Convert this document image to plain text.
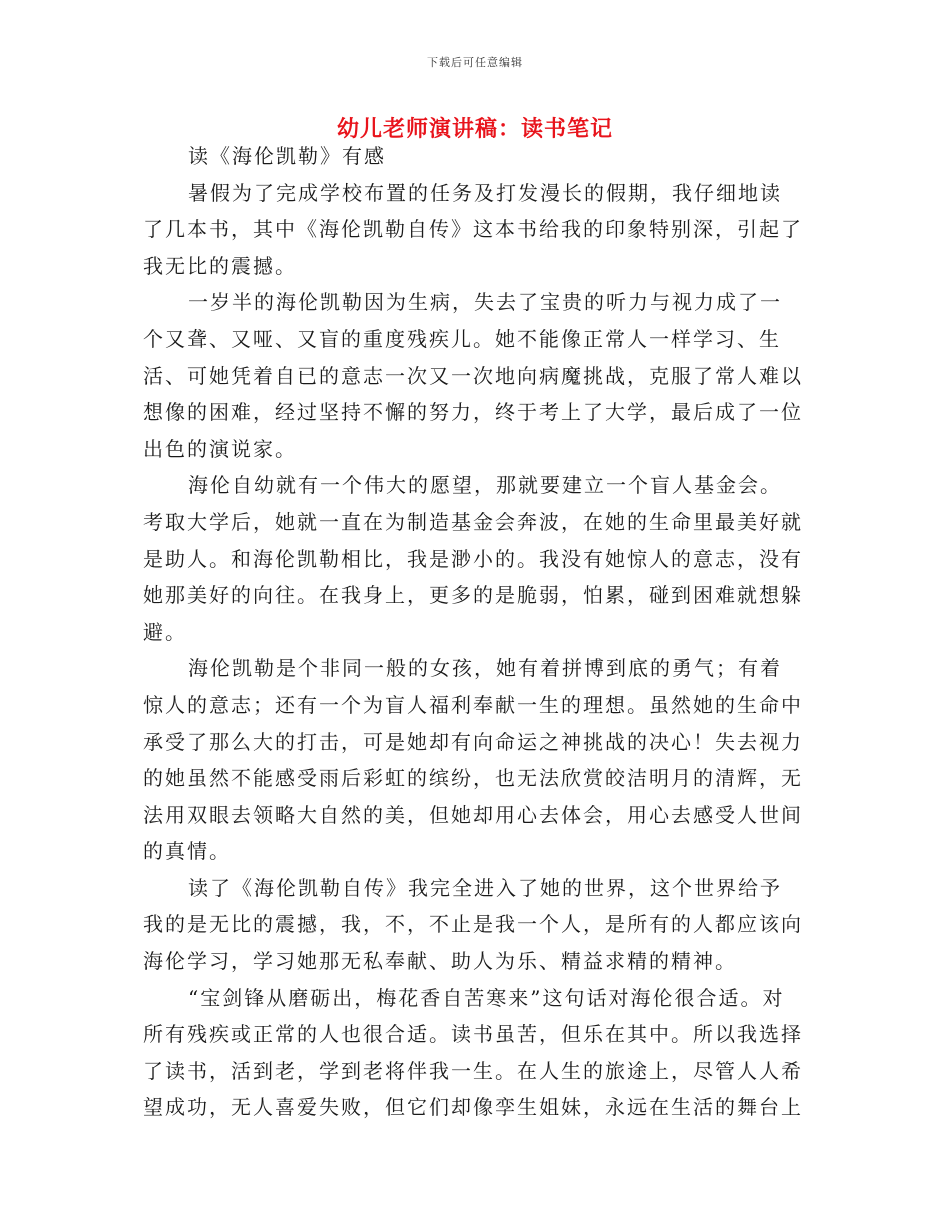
下载后可任意编辑
幼儿老师演讲稿：读书笔记

读《海伦凯勒》有感

暑假为了完成学校布置的任务及打发漫长的假期，我仔细地读了几本书，其中《海伦凯勒自传》这本书给我的印象特别深，引起了我无比的震撼。

一岁半的海伦凯勒因为生病，失去了宝贵的听力与视力成了一个又聋、又哑、又盲的重度残疾儿。她不能像正常人一样学习、生活、可她凭着自已的意志一次又一次地向病魔挑战，克服了常人难以想像的困难，经过坚持不懈的努力，终于考上了大学，最后成了一位出色的演说家。

海伦自幼就有一个伟大的愿望，那就要建立一个盲人基金会。考取大学后，她就一直在为制造基金会奔波，在她的生命里最美好就是助人。和海伦凯勒相比，我是渺小的。我没有她惊人的意志，没有她那美好的向往。在我身上，更多的是脆弱，怕累，碰到困难就想躲避。

海伦凯勒是个非同一般的女孩，她有着拼博到底的勇气；有着惊人的意志；还有一个为盲人福利奉献一生的理想。虽然她的生命中承受了那么大的打击，可是她却有向命运之神挑战的决心！失去视力的她虽然不能感受雨后彩虹的缤纷，也无法欣赏皎洁明月的清辉，无法用双眼去领略大自然的美，但她却用心去体会，用心去感受人世间的真情。

读了《海伦凯勒自传》我完全进入了她的世界，这个世界给予我的是无比的震撼，我，不，不止是我一个人，是所有的人都应该向海伦学习，学习她那无私奉献、助人为乐、精益求精的精神。

“宝剑锋从磨砺出，梅花香自苦寒来”这句话对海伦很合适。对所有残疾或正常的人也很合适。读书虽苦，但乐在其中。所以我选择了读书，活到老，学到老将伴我一生。在人生的旅途上，尽管人人希望成功，无人喜爱失败，但它们却像孪生姐妹，永远在生活的舞台上
